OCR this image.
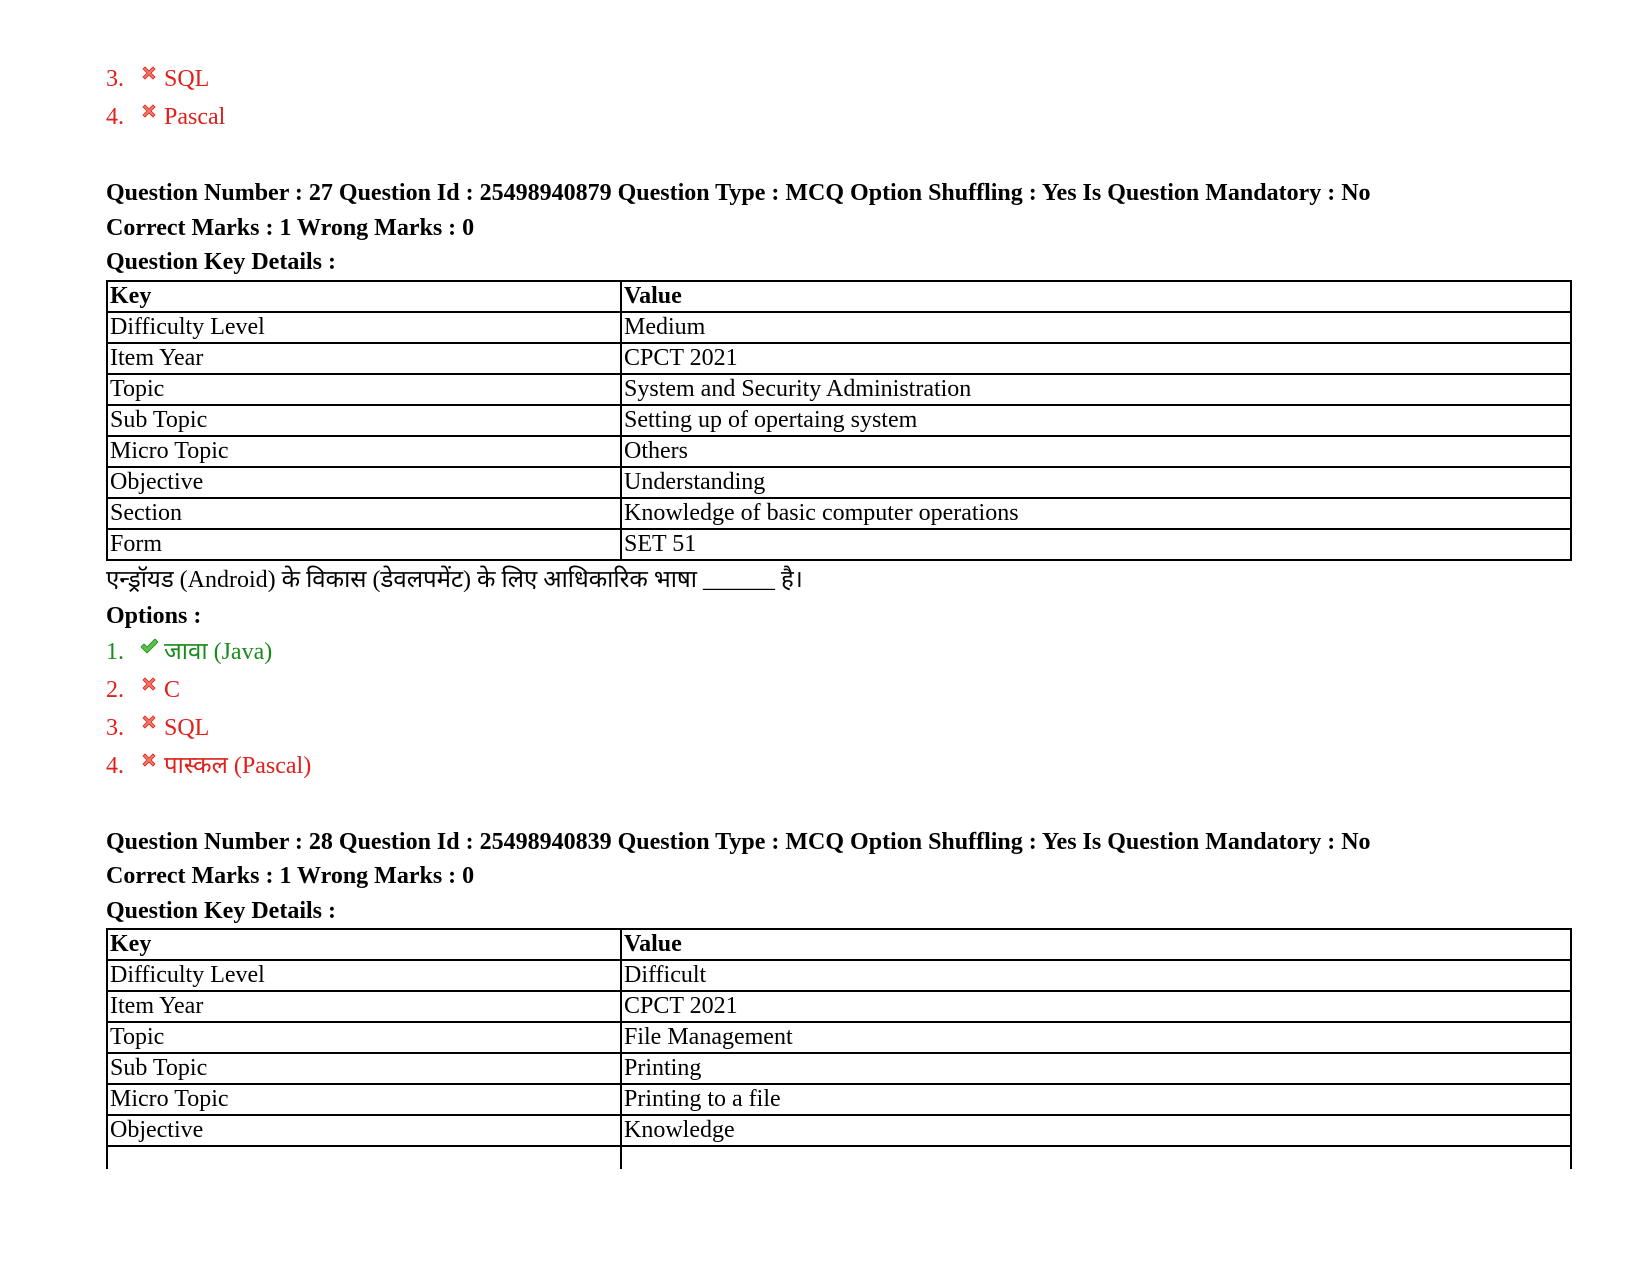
3.	SQL
4.	Pascal
Question Number : 27 Question Id : 25498940879 Question Type : MCQ Option Shuffling : Yes Is Question Mandatory : No
Correct Marks : 1 Wrong Marks : 0
Question Key Details :
Key	Value
Difficulty Level	Medium
Item Year	CPCT 2021
Topic	System and Security Administration
Sub Topic	Setting up of opertaing system
Micro Topic	Others
Objective	Understanding
Section	Knowledge of basic computer operations
Form	SET 51
एन्ड्रॉयड (Android) के विकास (डेवलपमेंट) के लिए आधिकारिक भाषा ______ है।
Options :
1.	जावा (Java)
2.	C
3.	SQL
4.	पास्कल (Pascal)
Question Number : 28 Question Id : 25498940839 Question Type : MCQ Option Shuffling : Yes Is Question Mandatory : No
Correct Marks : 1 Wrong Marks : 0
Question Key Details :
Key	Value
Difficulty Level	Difficult
Item Year	CPCT 2021
Topic	File Management
Sub Topic	Printing
Micro Topic	Printing to a file
Objective	Knowledge
